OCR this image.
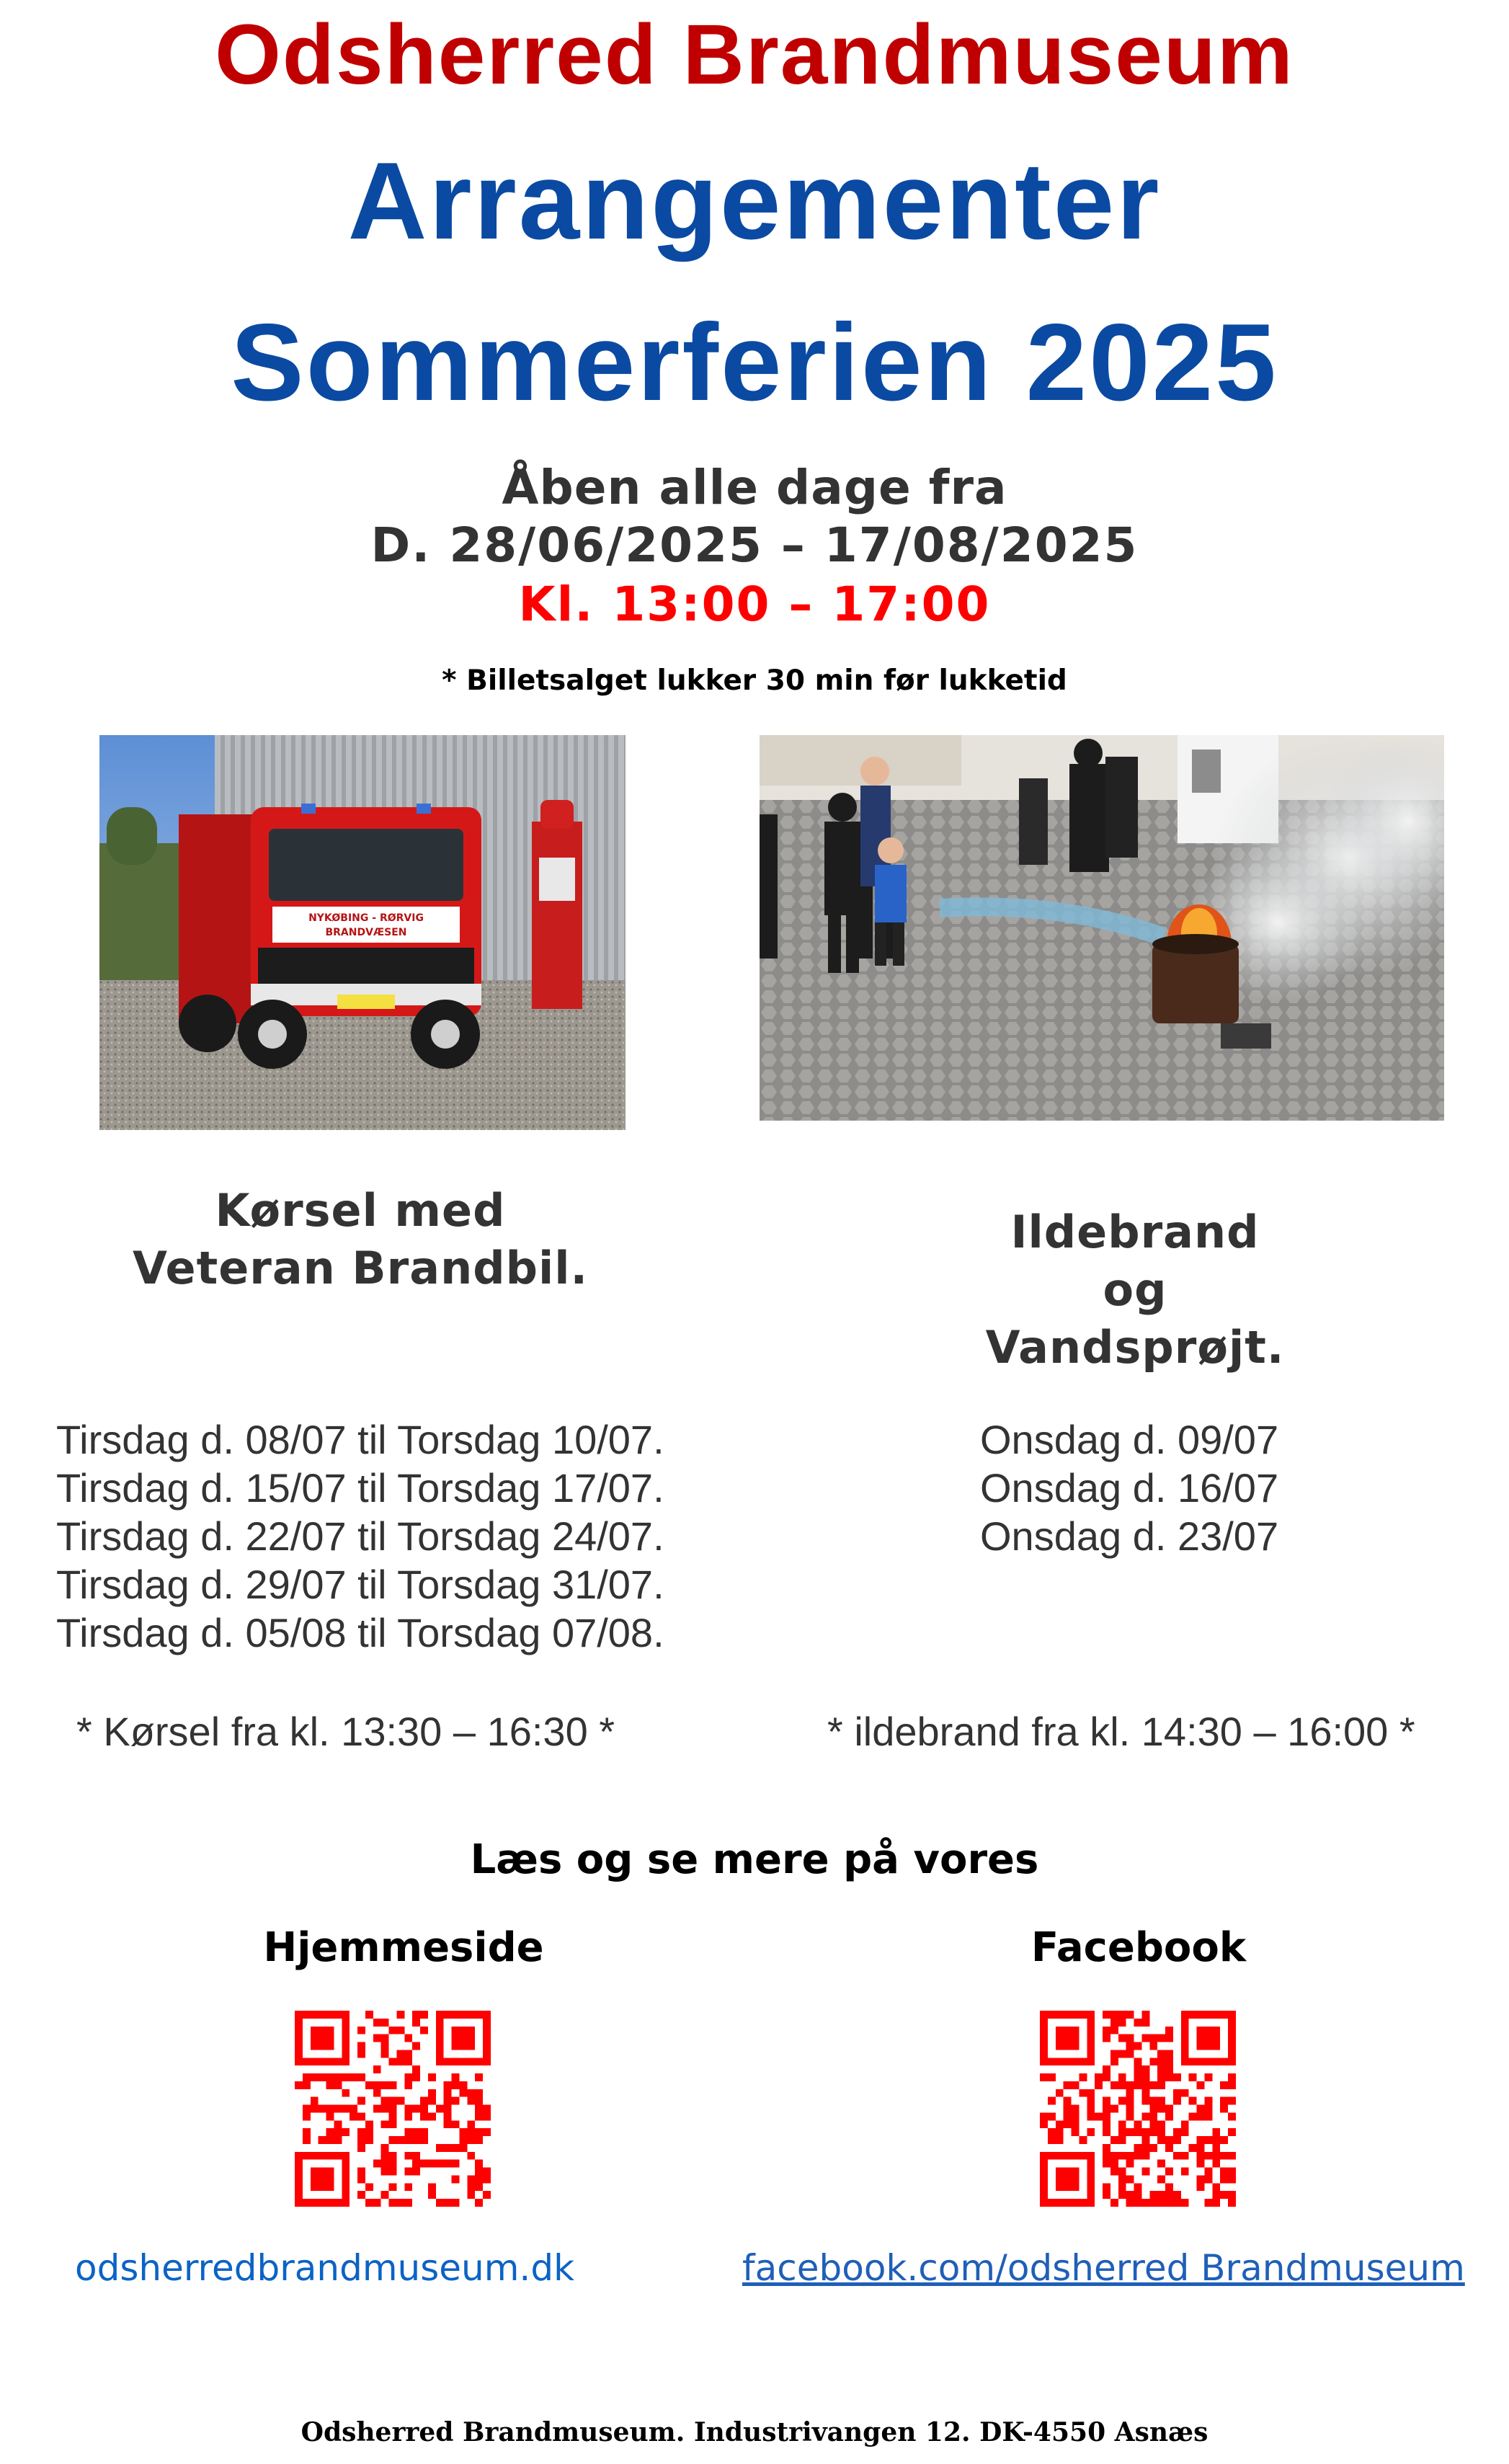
Odsherred Brandmuseum
Arrangementer
Sommerferien 2025
Åben alle dage fra
D. 28/06/2025 – 17/08/2025
Kl. 13:00 – 17:00
* Billetsalget lukker 30 min før lukketid
NYKØBING - RØRVIG
BRANDVÆSEN
Kørsel med
Veteran Brandbil.
Ildebrand
og
Vandsprøjt.
Tirsdag d. 08/07 til Torsdag 10/07.
Tirsdag d. 15/07 til Torsdag 17/07.
Tirsdag d. 22/07 til Torsdag 24/07.
Tirsdag d. 29/07 til Torsdag 31/07.
Tirsdag d. 05/08 til Torsdag 07/08.
Onsdag d. 09/07
Onsdag d. 16/07
Onsdag d. 23/07
* Kørsel fra kl. 13:30 – 16:30 *	* ildebrand fra kl. 14:30 – 16:00 *
Læs og se mere på vores
Hjemmeside	Facebook
odsherredbrandmuseum.dk	facebook.com/odsherred Brandmuseum
Odsherred Brandmuseum. Industrivangen 12. DK-4550 Asnæs
